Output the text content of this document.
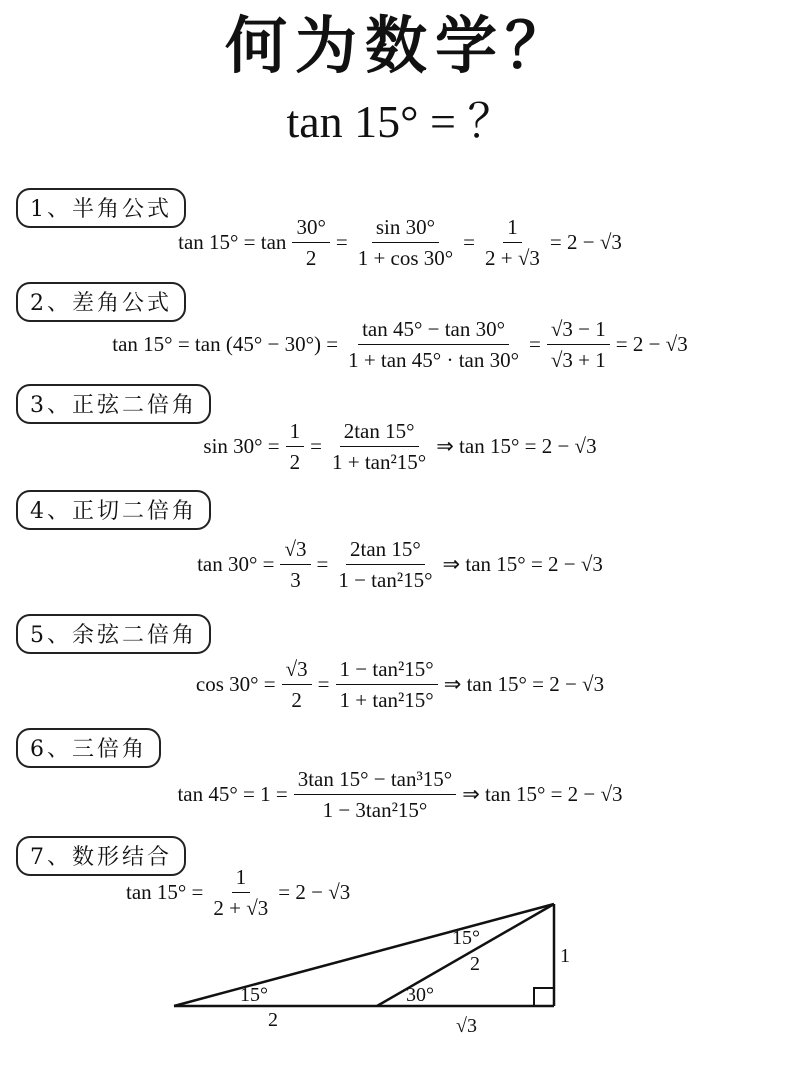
何为数学？
tan 15° = ？
1、半角公式
$\tan 15^\circ = \tan \frac{30^\circ}{2} = \frac{\sin 30^\circ}{1 + \cos 30^\circ} = \frac{1}{2 + √3} = 2 - √3$
2、差角公式
$\tan 15^\circ = \tan (45^\circ - 30^\circ) = \frac{\tan 45^\circ - \tan 30^\circ}{1 + \tan 45^\circ \cdot \tan 30^\circ} = \frac{√3 - 1}{√3 + 1} = 2 - √3$
3、正弦二倍角
$\sin 30^\circ = \frac{1}{2} = \frac{2\tan 15^\circ}{\text{1 + tan²15°}}$ ⇒ tan 15° = 2 − √3
4、正切二倍角
$\tan 30^\circ = \frac{√3}{3} = \frac{2\tan 15^\circ}{\text{1 − tan²15°}}$ ⇒ tan 15° = 2 − √3
5、余弦二倍角
$\cos 30^\circ = \frac{√3}{2} = \frac{\text{1 − tan²15°}}{\text{1 + tan²15°}}$ ⇒ tan 15° = 2 − √3
6、三倍角
$\tan 45^\circ = 1 = \frac{\text{3tan 15° − tan³15°}}{\text{1 − 3tan²15°}}$ ⇒ tan 15° = 2 − √3
7、数形结合
$\tan 15^\circ = \frac{1}{2 + √3} = 2 - √3$
15°	30°
15°
2	√3
1
2
